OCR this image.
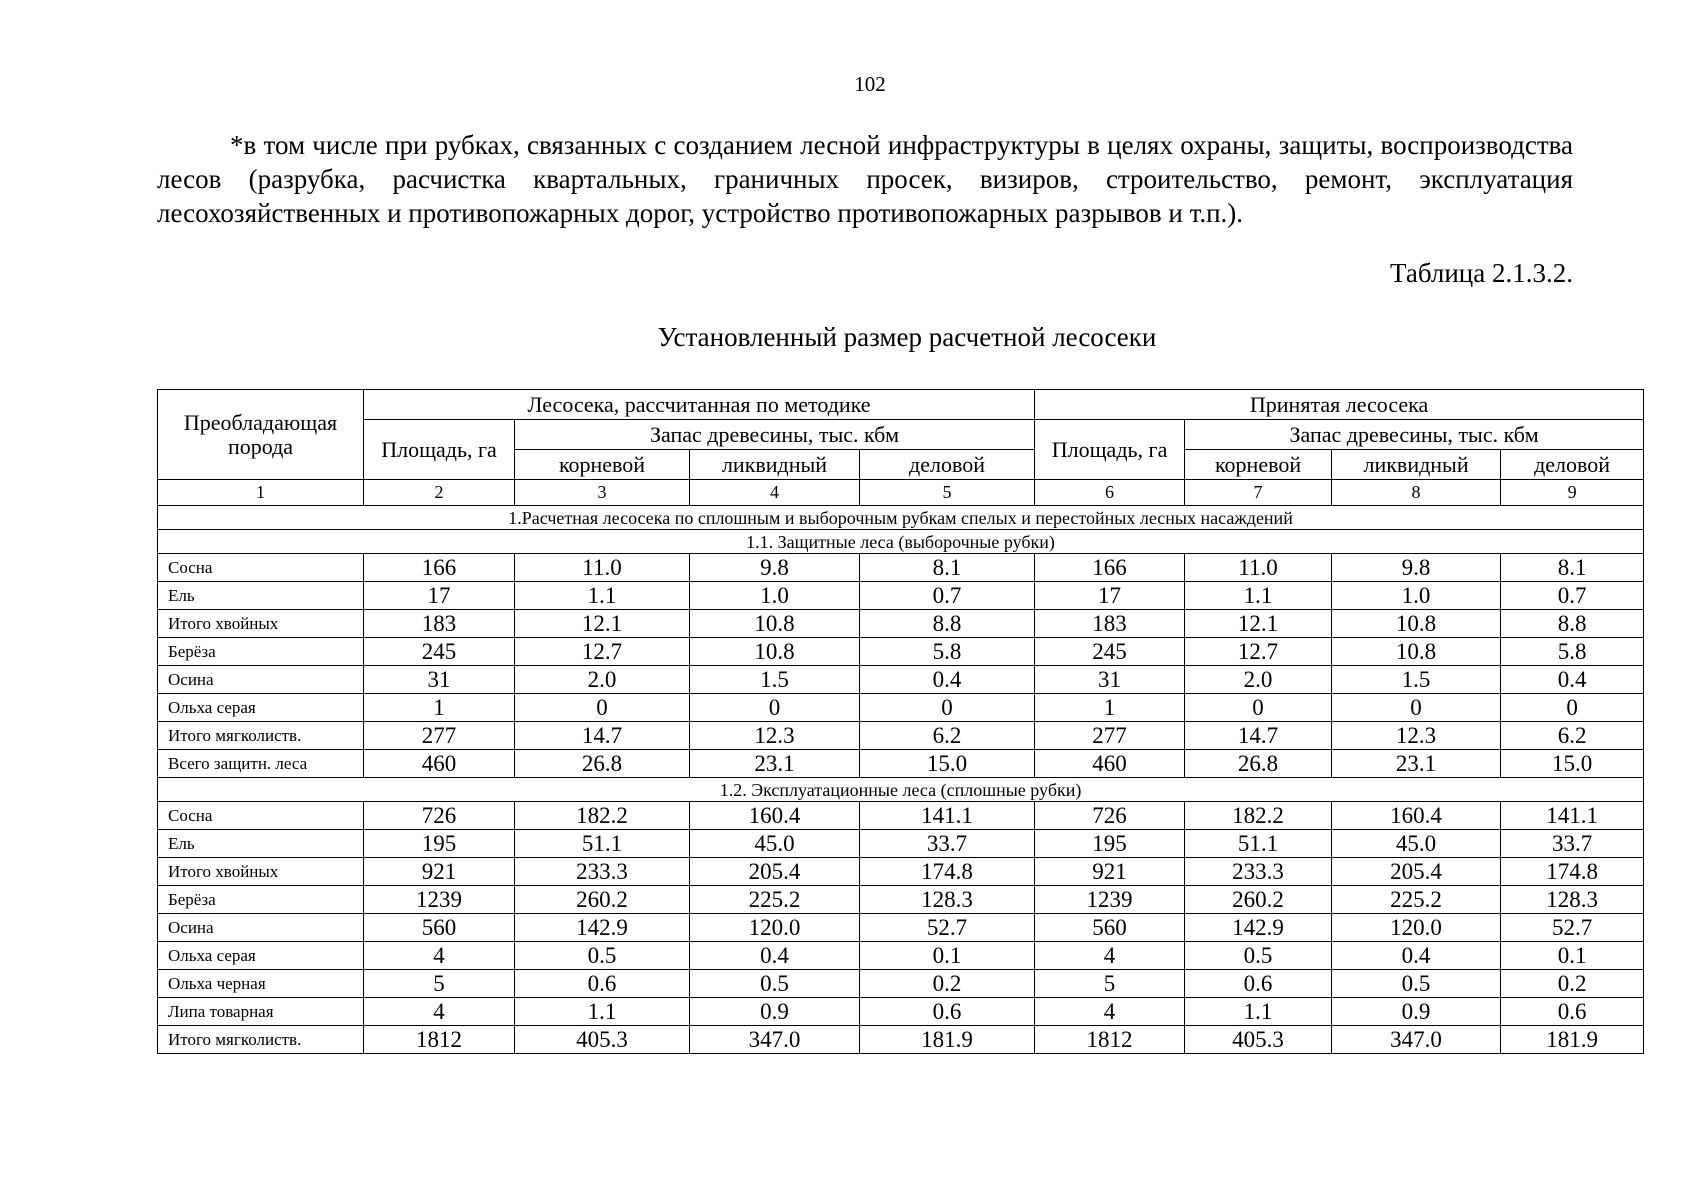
102

*в том числе при рубках, связанных с созданием лесной инфраструктуры в целях охраны, защиты, воспроизводства лесов (разрубка, расчистка квартальных, граничных просек, визиров, строительство, ремонт, эксплуатация лесохозяйственных и противопожарных дорог, устройство противопожарных разрывов и т.п.).

Таблица 2.1.3.2.
Установленный размер расчетной лесосеки
Преобладающая порода	Лесосека, рассчитанная по методике				Принятая лесосека			
	Площадь, га	Запас древесины, тыс. кбм			Площадь, га	Запас древесины, тыс. кбм		
		корневой	ликвидный	деловой		корневой	ликвидный	деловой
1	2	3	4	5	6	7	8	9
1.Расчетная лесосека по сплошным и выборочным рубкам спелых и перестойных лесных насаждений								
1.1. Защитные леса (выборочные рубки)								
Сосна	166	11.0	9.8	8.1	166	11.0	9.8	8.1
Ель	17	1.1	1.0	0.7	17	1.1	1.0	0.7
Итого хвойных	183	12.1	10.8	8.8	183	12.1	10.8	8.8
Берёза	245	12.7	10.8	5.8	245	12.7	10.8	5.8
Осина	31	2.0	1.5	0.4	31	2.0	1.5	0.4
Ольха серая	1	0	0	0	1	0	0	0
Итого мягколиств.	277	14.7	12.3	6.2	277	14.7	12.3	6.2
Всего защитн. леса	460	26.8	23.1	15.0	460	26.8	23.1	15.0
1.2. Эксплуатационные леса (сплошные рубки)								
Сосна	726	182.2	160.4	141.1	726	182.2	160.4	141.1
Ель	195	51.1	45.0	33.7	195	51.1	45.0	33.7
Итого хвойных	921	233.3	205.4	174.8	921	233.3	205.4	174.8
Берёза	1239	260.2	225.2	128.3	1239	260.2	225.2	128.3
Осина	560	142.9	120.0	52.7	560	142.9	120.0	52.7
Ольха серая	4	0.5	0.4	0.1	4	0.5	0.4	0.1
Ольха черная	5	0.6	0.5	0.2	5	0.6	0.5	0.2
Липа товарная	4	1.1	0.9	0.6	4	1.1	0.9	0.6
Итого мягколиств.	1812	405.3	347.0	181.9	1812	405.3	347.0	181.9
